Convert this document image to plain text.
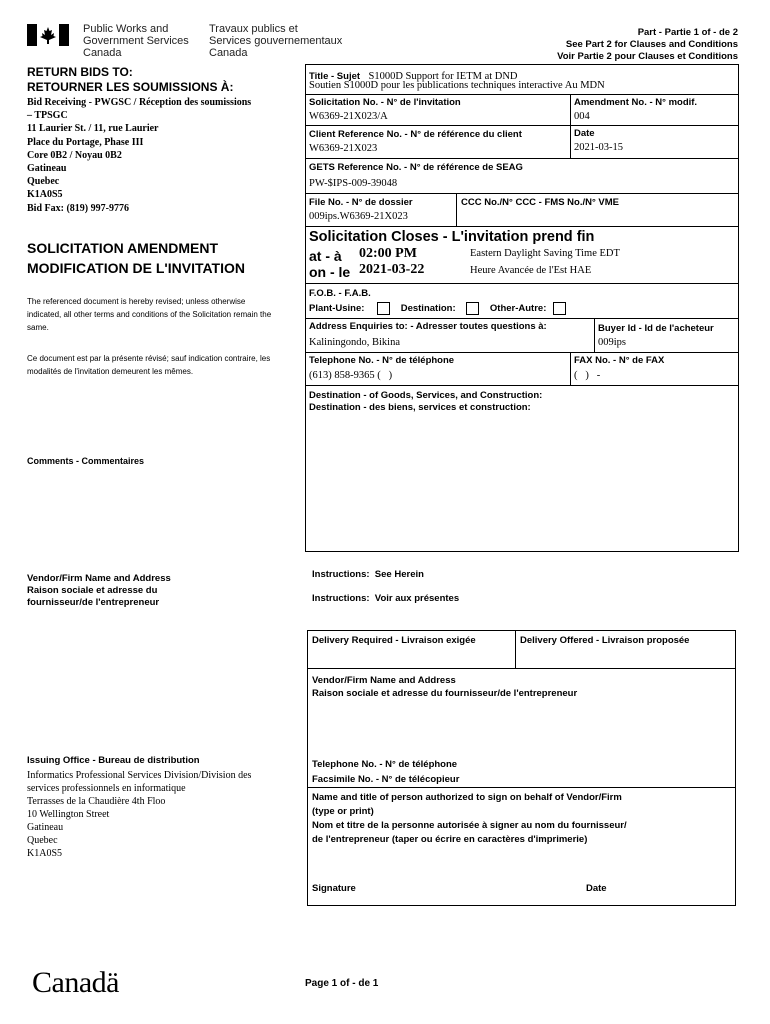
Public Works and
Government Services
Canada
Travaux publics et
Services gouvernementaux
Canada
Part - Partie 1 of - de 2
See Part 2 for Clauses and Conditions
Voir Partie 2 pour Clauses et Conditions
RETURN BIDS TO:
RETOURNER LES SOUMISSIONS À:
Bid Receiving - PWGSC / Réception des soumissions
– TPSGC
11 Laurier St. / 11, rue Laurier
Place du Portage, Phase III
Core 0B2 / Noyau 0B2
Gatineau
Quebec
K1A0S5
Bid Fax: (819) 997-9776
SOLICITATION AMENDMENT
MODIFICATION DE L'INVITATION
The referenced document is hereby revised; unless otherwise indicated, all other terms and conditions of the Solicitation remain the same.
Ce document est par la présente révisé; sauf indication contraire, les modalités de l'invitation demeurent les mêmes.
Comments - Commentaires
Vendor/Firm Name and Address
Raison sociale et adresse du
fournisseur/de l'entrepreneur
Issuing Office - Bureau de distribution
Informatics Professional Services Division/Division des
services professionnels en informatique
Terrasses de la Chaudière 4th Floo
10 Wellington Street
Gatineau
Quebec
K1A0S5
Title - Sujet S1000D Support for IETM at DND
Soutien S1000D pour les publications techniques interactive Au MDN
Solicitation No. - N° de l'invitation
W6369-21X023/A
Amendment No. - N° modif.
004
Client Reference No. - N° de référence du client
W6369-21X023
Date
2021-03-15
GETS Reference No. - N° de référence de SEAG
PW-$IPS-009-39048
File No. - N° de dossier
009ips.W6369-21X023
CCC No./N° CCC - FMS No./N° VME
Solicitation Closes - L'invitation prend fin
at - à 02:00 PM
on - le 2021-03-22
Eastern Daylight Saving Time EDT
Heure Avancée de l'Est HAE
F.O.B. - F.A.B.
Plant-Usine:	Destination:	Other-Autre:
Address Enquiries to: - Adresser toutes questions à:
Kaliningondo, Bikina
Buyer Id - Id de l'acheteur
009ips
Telephone No. - N° de téléphone
(613) 858-9365 (   )
FAX No. - N° de FAX
(   )   -
Destination - of Goods, Services, and Construction:
Destination - des biens, services et construction:
Instructions:  See Herein
Instructions:  Voir aux présentes
Delivery Required - Livraison exigée	Delivery Offered - Livraison proposée
Vendor/Firm Name and Address
Raison sociale et adresse du fournisseur/de l'entrepreneur
Telephone No. - N° de téléphone
Facsimile No. - N° de télécopieur
Name and title of person authorized to sign on behalf of Vendor/Firm
(type or print)
Nom et titre de la personne autorisée à signer au nom du fournisseur/
de l'entrepreneur (taper ou écrire en caractères d'imprimerie)
Signature	Date
Canadä	Page 1 of - de 1
